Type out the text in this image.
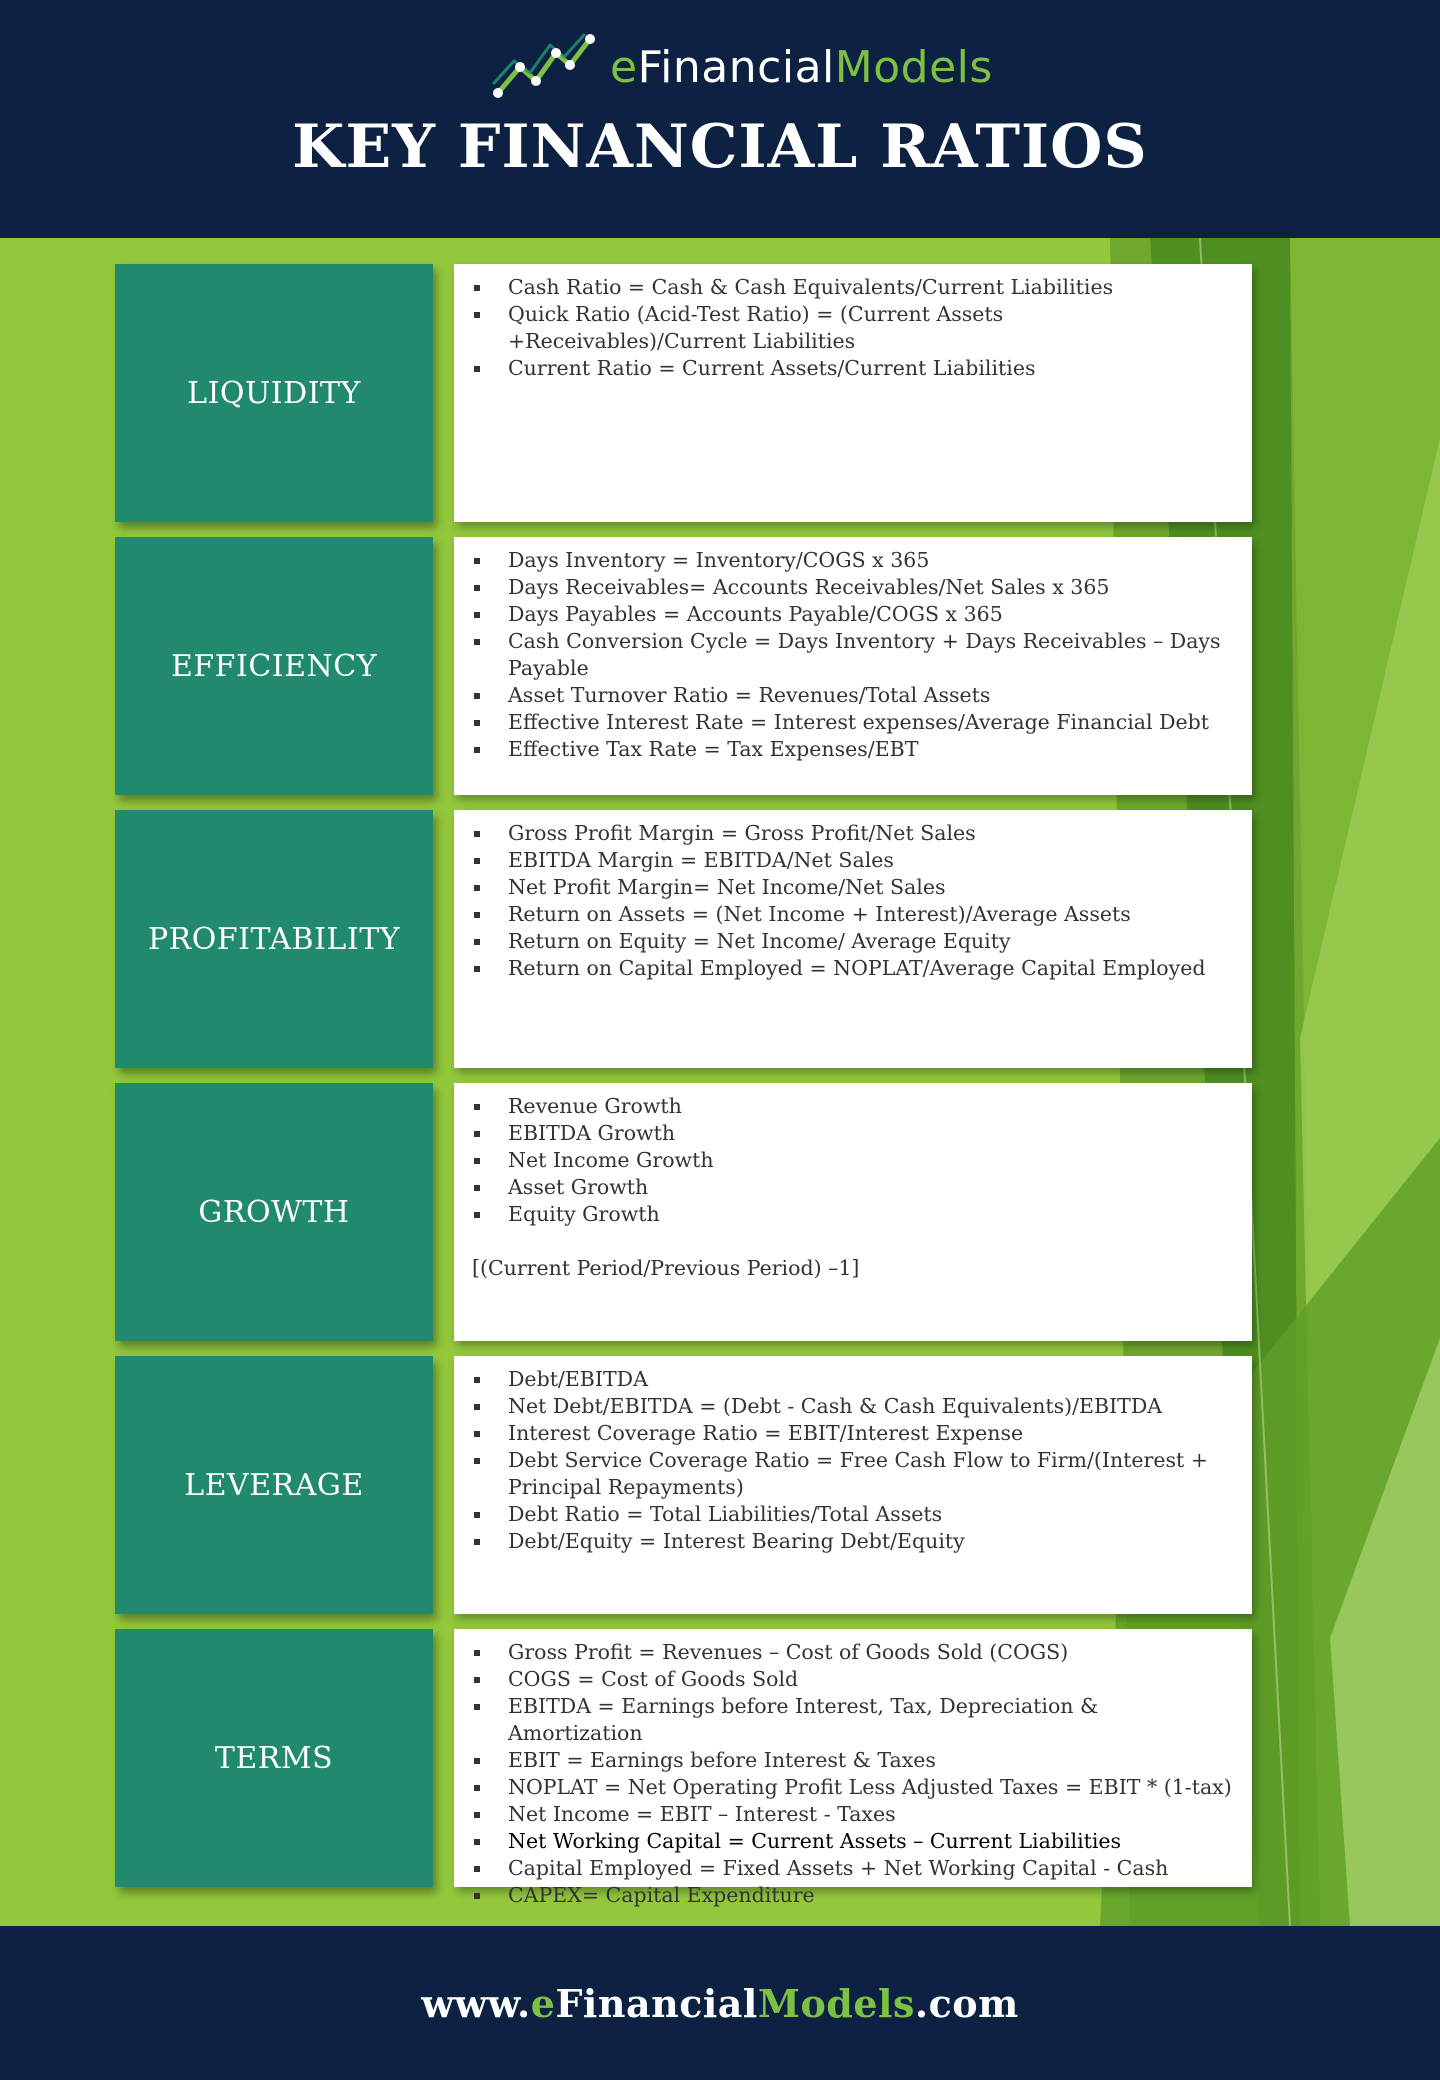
eFinancialModels
KEY FINANCIAL RATIOS
LIQUIDITY
Cash Ratio = Cash & Cash Equivalents/Current Liabilities
Quick Ratio (Acid-Test Ratio) = (Current Assets +Receivables)/Current Liabilities
Current Ratio = Current Assets/Current Liabilities
EFFICIENCY
Days Inventory = Inventory/COGS x 365
Days Receivables= Accounts Receivables/Net Sales x 365
Days Payables = Accounts Payable/COGS x 365
Cash Conversion Cycle = Days Inventory + Days Receivables – Days Payable
Asset Turnover Ratio = Revenues/Total Assets
Effective Interest Rate = Interest expenses/Average Financial Debt
Effective Tax Rate = Tax Expenses/EBT
PROFITABILITY
Gross Profit Margin = Gross Profit/Net Sales
EBITDA Margin = EBITDA/Net Sales
Net Profit Margin= Net Income/Net Sales
Return on Assets = (Net Income + Interest)/Average Assets
Return on Equity = Net Income/ Average Equity
Return on Capital Employed = NOPLAT/Average Capital Employed
GROWTH
Revenue Growth
EBITDA Growth
Net Income Growth
Asset Growth
Equity Growth
[(Current Period/Previous Period) –1]
LEVERAGE
Debt/EBITDA
Net Debt/EBITDA = (Debt - Cash & Cash Equivalents)/EBITDA
Interest Coverage Ratio = EBIT/Interest Expense
Debt Service Coverage Ratio = Free Cash Flow to Firm/(Interest + Principal Repayments)
Debt Ratio = Total Liabilities/Total Assets
Debt/Equity = Interest Bearing Debt/Equity
TERMS
Gross Profit = Revenues – Cost of Goods Sold (COGS)
COGS = Cost of Goods Sold
EBITDA = Earnings before Interest, Tax, Depreciation & Amortization
EBIT = Earnings before Interest & Taxes
NOPLAT = Net Operating Profit Less Adjusted Taxes = EBIT * (1-tax)
Net Income = EBIT – Interest - Taxes
Net Working Capital = Current Assets – Current Liabilities
Capital Employed = Fixed Assets + Net Working Capital - Cash
CAPEX= Capital Expenditure
www.eFinancialModels.com
